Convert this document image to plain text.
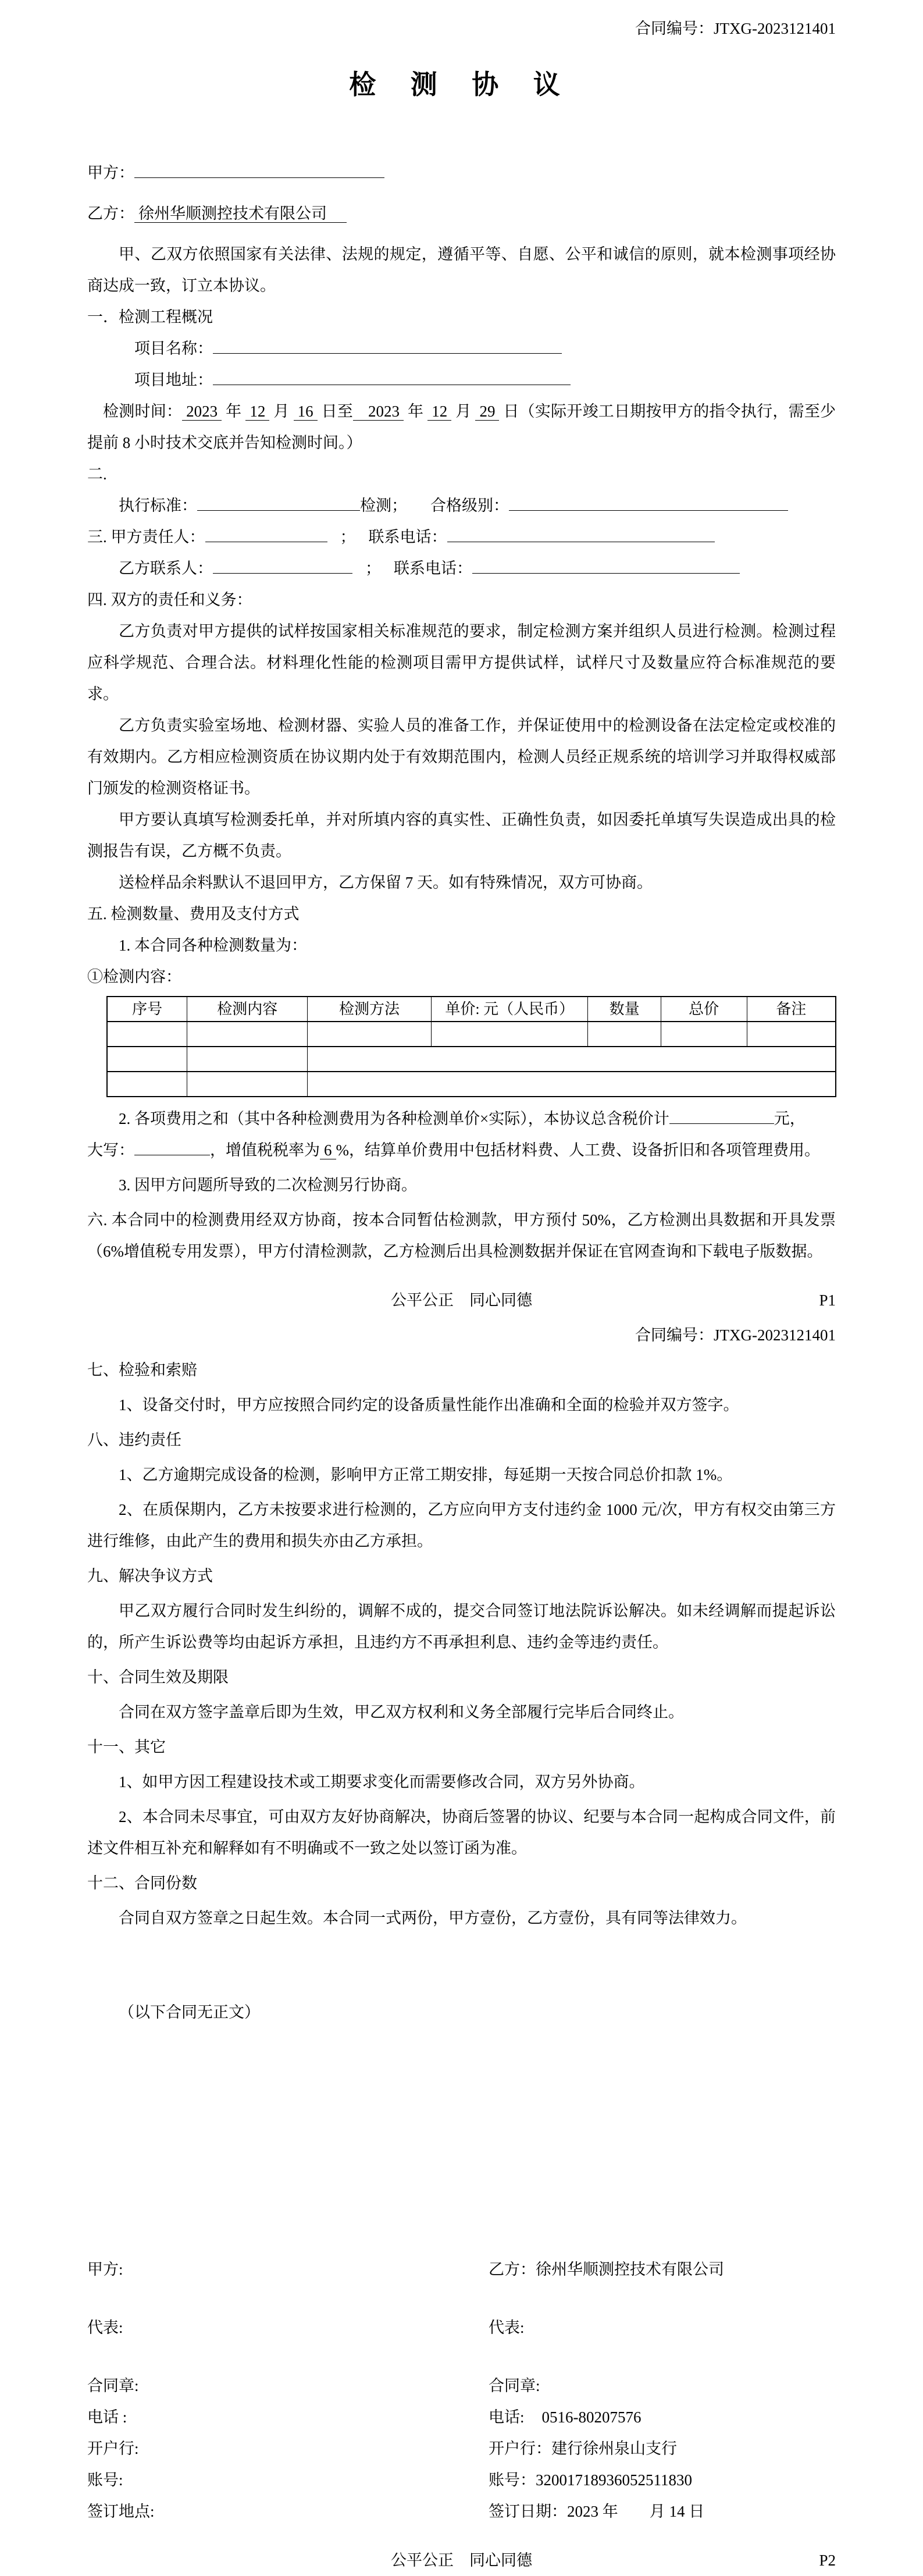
合同编号：JTXG-2023121401
检 测 协 议
甲方：
乙方： 徐州华顺测控技术有限公司

甲、乙双方依照国家有关法律、法规的规定，遵循平等、自愿、公平和诚信的原则，就本检测事项经协商达成一致，订立本协议。

一．检测工程概况
项目名称：
项目地址：

检测时间： 2023 年 12 月 16 日至 2023 年 12 月 29 日（实际开竣工日期按甲方的指令执行，需至少提前 8 小时技术交底并告知检测时间。）

二.
执行标准：	检测； 合格级别：
三. 甲方责任人：	； 联系电话：
乙方联系人：	； 联系电话：
四. 双方的责任和义务：

乙方负责对甲方提供的试样按国家相关标准规范的要求，制定检测方案并组织人员进行检测。检测过程应科学规范、合理合法。材料理化性能的检测项目需甲方提供试样，试样尺寸及数量应符合标准规范的要求。

乙方负责实验室场地、检测材器、实验人员的准备工作，并保证使用中的检测设备在法定检定或校准的有效期内。乙方相应检测资质在协议期内处于有效期范围内，检测人员经正规系统的培训学习并取得权威部门颁发的检测资格证书。

甲方要认真填写检测委托单，并对所填内容的真实性、正确性负责，如因委托单填写失误造成出具的检测报告有误，乙方概不负责。

送检样品余料默认不退回甲方，乙方保留 7 天。如有特殊情况，双方可协商。

五. 检测数量、费用及支付方式
1. 本合同各种检测数量为：
①检测内容：
序号	检测内容	检测方法	单价: 元（人民币）	数量	总价	备注

2. 各项费用之和（其中各种检测费用为各种检测单价×实际），本协议总含税价计	元，
大写：	，增值税税率为 6 %，结算单价费用中包括材料费、人工费、设备折旧和各项管理费用。
3. 因甲方问题所导致的二次检测另行协商。

六. 本合同中的检测费用经双方协商，按本合同暂估检测款，甲方预付 50%，乙方检测出具数据和开具发票（6%增值税专用发票），甲方付清检测款，乙方检测后出具检测数据并保证在官网查询和下载电子版数据。

公平公正　同心同德	P1
合同编号：JTXG-2023121401
七、检验和索赔

1、设备交付时，甲方应按照合同约定的设备质量性能作出准确和全面的检验并双方签字。

八、违约责任

1、乙方逾期完成设备的检测，影响甲方正常工期安排，每延期一天按合同总价扣款 1%。

2、在质保期内，乙方未按要求进行检测的，乙方应向甲方支付违约金 1000 元/次，甲方有权交由第三方进行维修，由此产生的费用和损失亦由乙方承担。

九、解决争议方式

甲乙双方履行合同时发生纠纷的，调解不成的，提交合同签订地法院诉讼解决。如未经调解而提起诉讼的，所产生诉讼费等均由起诉方承担，且违约方不再承担利息、违约金等违约责任。

十、合同生效及期限

合同在双方签字盖章后即为生效，甲乙双方权利和义务全部履行完毕后合同终止。

十一、其它

1、如甲方因工程建设技术或工期要求变化而需要修改合同，双方另外协商。

2、本合同未尽事宜，可由双方友好协商解决，协商后签署的协议、纪要与本合同一起构成合同文件，前述文件相互补充和解释如有不明确或不一致之处以签订函为准。

十二、合同份数

合同自双方签章之日起生效。本合同一式两份，甲方壹份，乙方壹份，具有同等法律效力。

（以下合同无正文）
甲方:	乙方：徐州华顺测控技术有限公司
代表:	代表:
合同章:	合同章:
电话 :	电话: 0516-80207576
开户行:	开户行：建行徐州泉山支行
账号:	账号：32001718936052511830
签订地点:	签订日期：2023 年　　月 14 日
公平公正　同心同德	P2
